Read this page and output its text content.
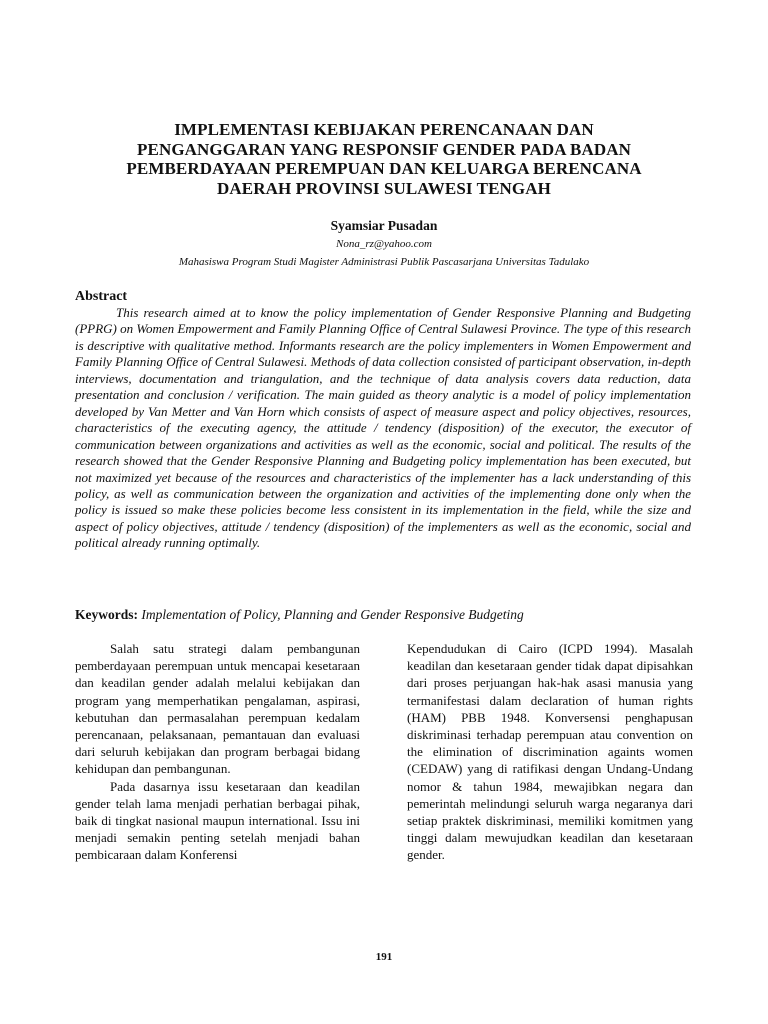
IMPLEMENTASI KEBIJAKAN PERENCANAAN DAN
PENGANGGARAN YANG RESPONSIF GENDER PADA BADAN
PEMBERDAYAAN PEREMPUAN DAN KELUARGA BERENCANA
DAERAH PROVINSI SULAWESI TENGAH
Syamsiar Pusadan
Nona_rz@yahoo.com
Mahasiswa Program Studi Magister Administrasi Publik Pascasarjana Universitas Tadulako
Abstract

This research aimed at to know the policy implementation of Gender Responsive Planning and Budgeting (PPRG) on Women Empowerment and Family Planning Office of Central Sulawesi Province. The type of this research is descriptive with qualitative method. Informants research are the policy implementers in Women Empowerment and Family Planning Office of Central Sulawesi. Methods of data collection consisted of participant observation, in-depth interviews, documentation and triangulation, and the technique of data analysis covers data reduction, data presentation and conclusion / verification. The main guided as theory analytic is a model of policy implementation developed by Van Metter and Van Horn which consists of aspect of measure aspect and policy objectives, resources, characteristics of the executing agency, the attitude / tendency (disposition) of the executor, the executor of communication between organizations and activities as well as the economic, social and political. The results of the research showed that the Gender Responsive Planning and Budgeting policy implementation has been executed, but not maximized yet because of the resources and characteristics of the implementer has a lack understanding of this policy, as well as communication between the organization and activities of the implementing done only when the policy is issued so make these policies become less consistent in its implementation in the field, while the size and aspect of policy objectives, attitude / tendency (disposition) of the implementers as well as the economic, social and political already running optimally.

Keywords: Implementation of Policy, Planning and Gender Responsive Budgeting

Salah satu strategi dalam pembangunan pemberdayaan perempuan untuk mencapai kesetaraan dan keadilan gender adalah melalui kebijakan dan program yang memperhatikan pengalaman, aspirasi, kebutuhan dan permasalahan perempuan kedalam perencanaan, pelaksanaan, pemantauan dan evaluasi dari seluruh kebijakan dan program berbagai bidang kehidupan dan pembangunan.

Pada dasarnya issu kesetaraan dan keadilan gender telah lama menjadi perhatian berbagai pihak, baik di tingkat nasional maupun international. Issu ini menjadi semakin penting setelah menjadi bahan pembicaraan dalam Konferensi

Kependudukan di Cairo (ICPD 1994). Masalah keadilan dan kesetaraan gender tidak dapat dipisahkan dari proses perjuangan hak-hak asasi manusia yang termanifestasi dalam declaration of human rights (HAM) PBB 1948. Konversensi penghapusan diskriminasi terhadap perempuan atau convention on the elimination of discrimination againts women (CEDAW) yang di ratifikasi dengan Undang-Undang nomor & tahun 1984, mewajibkan negara dan pemerintah melindungi seluruh warga negaranya dari setiap praktek diskriminasi, memiliki komitmen yang tinggi dalam mewujudkan keadilan dan kesetaraan gender.

191
